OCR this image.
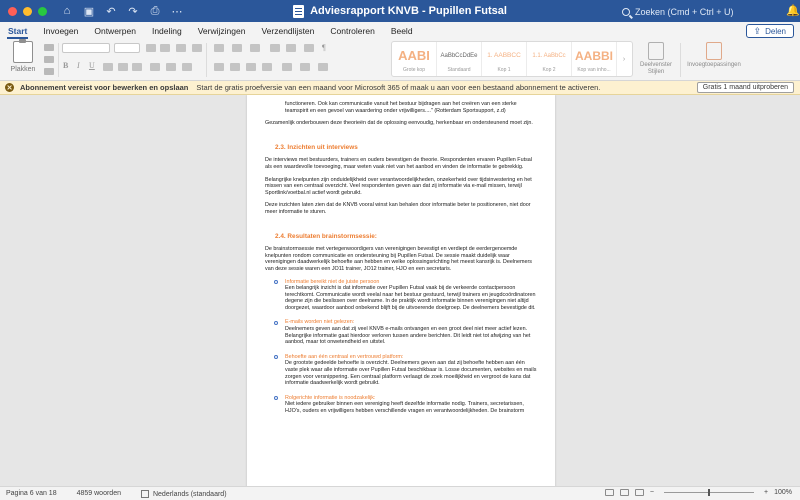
⌂ ▣ ↶ ↷ ⎙ ⋯	Adviesrapport KNVB - Pupillen Futsal	Zoeken (Cmd + Ctrl + U)	🔔
Start	Invoegen	Ontwerpen	Indeling	Verwijzingen	Verzendlijsten	Controleren	Beeld	⇪ Delen
Plakken	B I U
¶
AABI
Grote kop
AaBbCcDdEe
Standaard
1. AABBCC
Kop 1
1.1. AaBbCc
Kop 2
AABBI
Kop van inho...
›
Deelvenster Stijlen
Invoegtoepassingen
✕ Abonnement vereist voor bewerken en opslaan Start de gratis proefversie van een maand voor Microsoft 365 of maak u aan voor een bestaand abonnement te activeren.	Gratis 1 maand uitproberen

functioneren. Ook kan communicatie vanuit het bestuur bijdragen aan het creëren van een sterke teamspirit en een gevoel van waardering onder vrijwilligers...." (Rotterdam Sportsupport, z.d)

Gezamenlijk onderbouwen deze theorieën dat de oplossing eenvoudig, herkenbaar en ondersteunend moet zijn.

2.3. Inzichten uit interviews

De interviews met bestuurders, trainers en ouders bevestigen de theorie. Respondenten ervaren Pupillen Futsal als een waardevolle toevoeging, maar weten vaak niet van het aanbod en vinden de informatie te gebrekkig.

Belangrijke knelpunten zijn onduidelijkheid over verantwoordelijkheden, onzekerheid over tijdsinvestering en het missen van een centraal overzicht. Veel respondenten geven aan dat zij informatie via e-mail missen, terwijl Sportlink/voetbal.nl actief wordt gebruikt.

Deze inzichten laten zien dat de KNVB vooral winst kan behalen door informatie beter te positioneren, niet door meer informatie te sturen.

2.4. Resultaten brainstormsessie:

De brainstormsessie met vertegenwoordigers van verenigingen bevestigt en verdiept de eerdergenoemde knelpunten rondom communicatie en ondersteuning bij Pupillen Futsal. De sessie maakt duidelijk waar verenigingen daadwerkelijk behoefte aan hebben en welke oplossingsrichting het meest kansrijk is. Deelnemers van deze sessie waren een JO11 trainer, JO12 trainer, HJO en een secretaris.

Informatie bereikt niet de juiste persoon
Een belangrijk inzicht is dat informatie over Pupillen Futsal vaak bij de verkeerde contactpersoon terechtkomt. Communicatie wordt veelal naar het bestuur gestuurd, terwijl trainers en jeugdcoördinatoren degene zijn die beslissen over deelname. In de praktijk wordt informatie binnen verenigingen niet altijd doorgezet, waardoor aanbod onbekend blijft bij de uitvoerende doelgroep. De deelnemers bevestigde dit.
E-mails worden niet gelezen:
Deelnemers geven aan dat zij veel KNVB e-mails ontvangen en een groot deel niet meer actief lezen. Belangrijke informatie gaat hierdoor verloren tussen andere berichten. Dit leidt niet tot afwijzing van het aanbod, maar tot onwetendheid en uitstel.
Behoefte aan één centraal en vertrouwd platform:
De grootste gedeelde behoefte is overzicht. Deelnemers geven aan dat zij behoefte hebben aan één vaste plek waar alle informatie over Pupillen Futsal beschikbaar is. Losse documenten, websites en mails zorgen voor versnippering. Een centraal platform verlaagt de zoek moeilijkheid en vergroot de kans dat informatie daadwerkelijk wordt gebruikt.
Rolgerichte informatie is noodzakelijk:
Niet iedere gebruiker binnen een vereniging heeft dezelfde informatie nodig. Trainers, secretarissen, HJO's, ouders en vrijwilligers hebben verschillende vragen en verantwoordelijkheden. De brainstorm
Pagina 6 van 18	4859 woorden	Nederlands (standaard)	−	+ 100%
